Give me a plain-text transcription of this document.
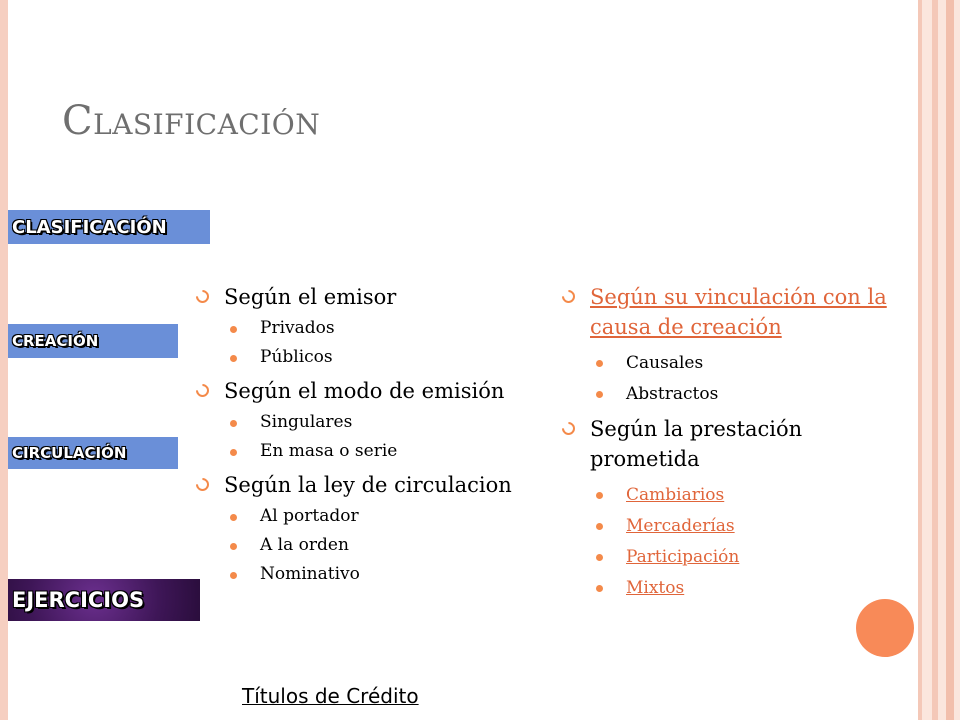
Clasificación
CLASIFICACIÓN
CREACIÓN
CIRCULACIÓN
EJERCICIOS
Según el emisor
Privados
Públicos
Según el modo de emisión
Singulares
En masa o serie
Según la ley de circulacion
Al portador
A la orden
Nominativo
Según su vinculación con la causa de creación
Causales
Abstractos
Según la prestación prometida
Cambiarios
Mercaderías
Participación
Mixtos
Títulos de Crédito
